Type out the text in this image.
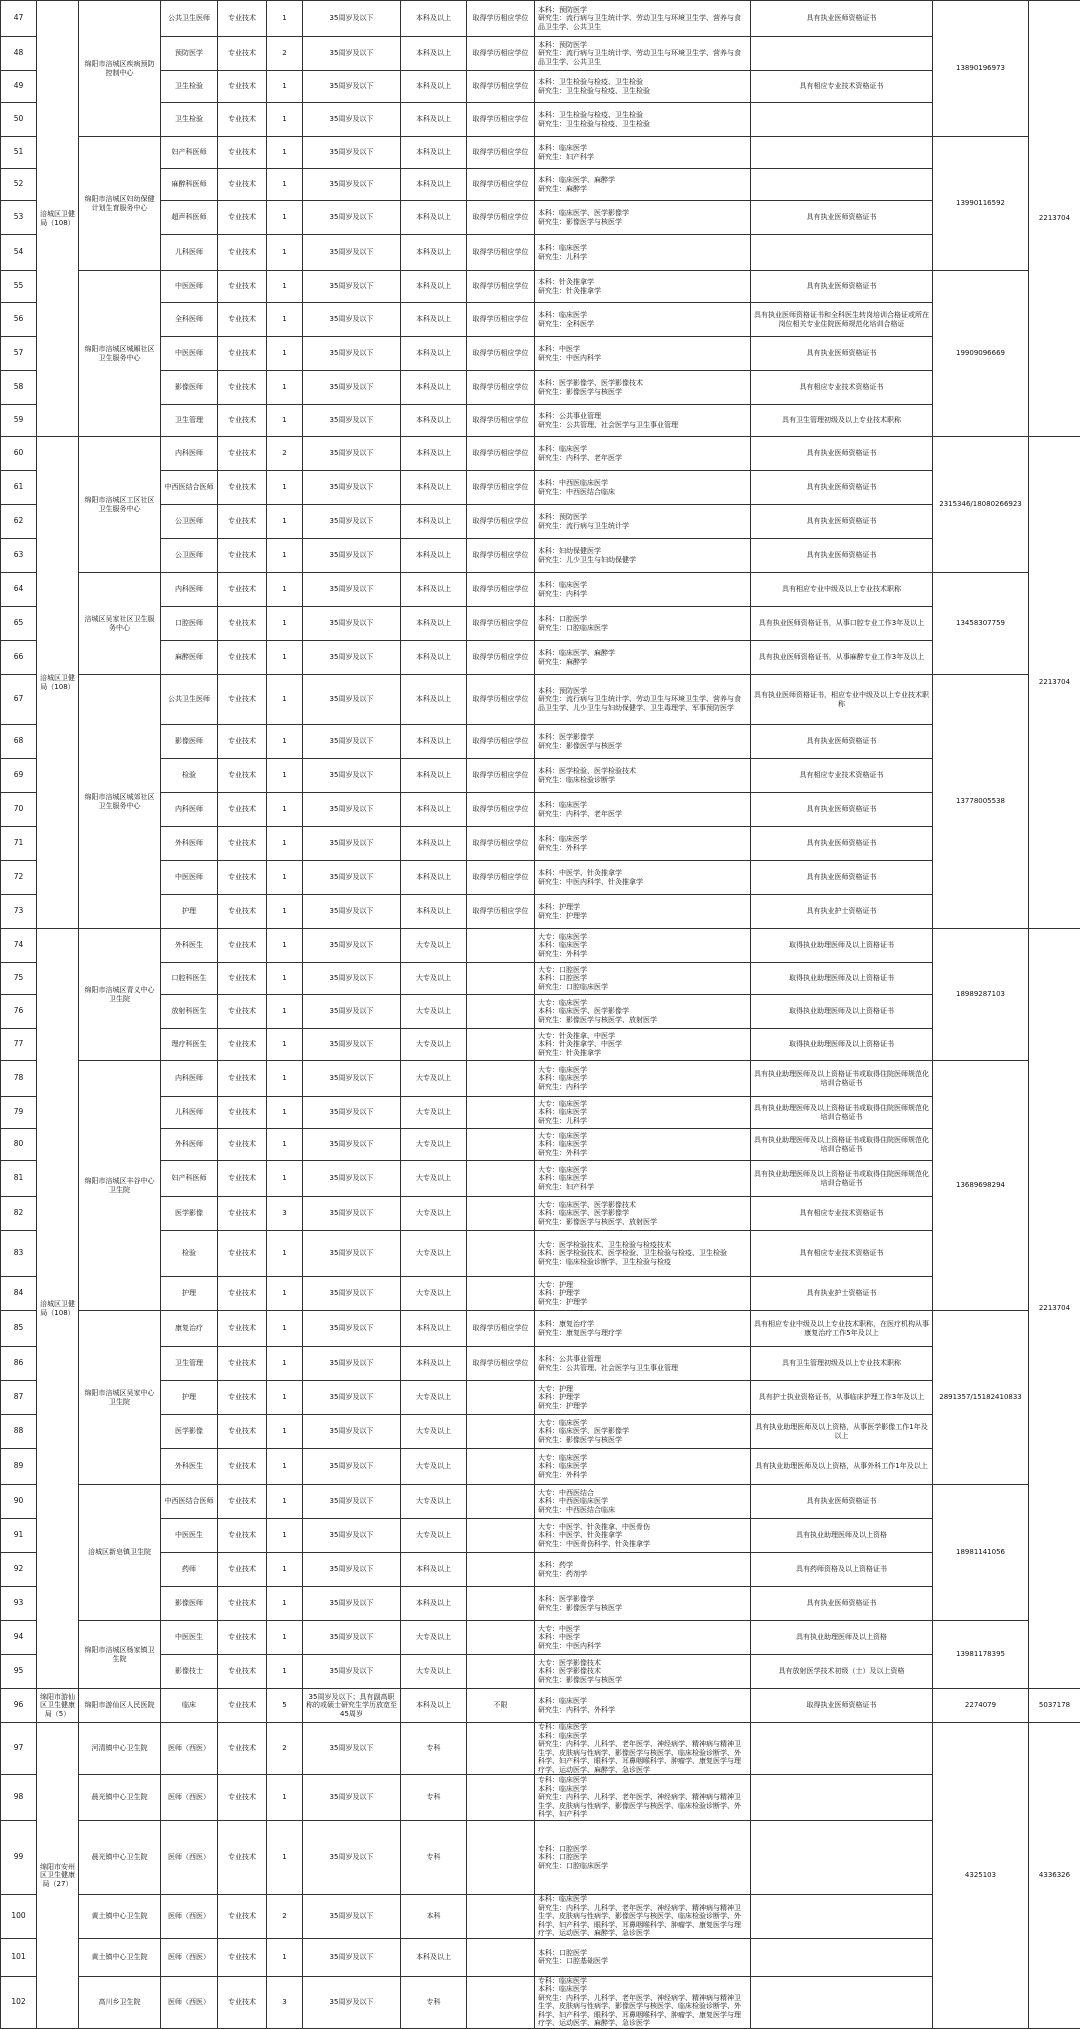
47	涪城区卫健局（108）	绵阳市涪城区疾病预防控制中心	公共卫生医师	专业技术	1	35周岁及以下	本科及以上	取得学历相应学位	本科：预防医学
研究生：流行病与卫生统计学、劳动卫生与环境卫生学、营养与食品卫生学、公共卫生	具有执业医师资格证书	13890196973	2213704
48			预防医学	专业技术	2	35周岁及以下	本科及以上	取得学历相应学位	本科：预防医学
研究生：流行病与卫生统计学、劳动卫生与环境卫生学、营养与食品卫生学、公共卫生			
49			卫生检验	专业技术	1	35周岁及以下	本科及以上	取得学历相应学位	本科：卫生检验与检疫、卫生检验
研究生：卫生检验与检疫、卫生检验	具有相应专业技术资格证书		
50			卫生检验	专业技术	1	35周岁及以下	本科及以上	取得学历相应学位	本科：卫生检验与检疫、卫生检验
研究生：卫生检验与检疫、卫生检验			
51		绵阳市涪城区妇幼保健计划生育服务中心	妇产科医师	专业技术	1	35周岁及以下	本科及以上	取得学历相应学位	本科：临床医学
研究生：妇产科学		13990116592	
52			麻醉科医师	专业技术	1	35周岁及以下	本科及以上	取得学历相应学位	本科：临床医学、麻醉学
研究生：麻醉学			
53			超声科医师	专业技术	1	35周岁及以下	本科及以上	取得学历相应学位	本科：临床医学、医学影像学
研究生：影像医学与核医学	具有执业医师资格证书		
54			儿科医师	专业技术	1	35周岁及以下	本科及以上	取得学历相应学位	本科：临床医学
研究生：儿科学			
55		绵阳市涪城区城厢社区卫生服务中心	中医医师	专业技术	1	35周岁及以下	本科及以上	取得学历相应学位	本科：针灸推拿学
研究生：针灸推拿学	具有执业医师资格证书	19909096669	
56			全科医师	专业技术	1	35周岁及以下	本科及以上	取得学历相应学位	本科：临床医学
研究生：全科医学	具有执业医师资格证书和全科医生转岗培训合格证或所在岗位相关专业住院医师规范化培训合格证		
57			中医医师	专业技术	1	35周岁及以下	本科及以上	取得学历相应学位	本科：中医学
研究生：中医内科学	具有执业医师资格证书		
58			影像医师	专业技术	1	35周岁及以下	本科及以上	取得学历相应学位	本科：医学影像学、医学影像技术
研究生：影像医学与核医学	具有相应专业技术资格证书		
59			卫生管理	专业技术	1	35周岁及以下	本科及以上	取得学历相应学位	本科：公共事业管理
研究生：公共管理、社会医学与卫生事业管理	具有卫生管理初级及以上专业技术职称		
60	涪城区卫健局（108）	绵阳市涪城区工区社区卫生服务中心	内科医师	专业技术	2	35周岁及以下	本科及以上	取得学历相应学位	本科：临床医学
研究生：内科学、老年医学	具有执业医师资格证书	2315346/18080266923	2213704
61			中西医结合医师	专业技术	1	35周岁及以下	本科及以上	取得学历相应学位	本科：中西医临床医学
研究生：中西医结合临床	具有执业医师资格证书		
62			公卫医师	专业技术	1	35周岁及以下	本科及以上	取得学历相应学位	本科：预防医学
研究生：流行病与卫生统计学	具有执业医师资格证书		
63			公卫医师	专业技术	1	35周岁及以下	本科及以上	取得学历相应学位	本科：妇幼保健医学
研究生：儿少卫生与妇幼保健学	具有执业医师资格证书		
64		涪城区吴家社区卫生服务中心	内科医师	专业技术	1	35周岁及以下	本科及以上	取得学历相应学位	本科：临床医学
研究生：内科学	具有相应专业中级及以上专业技术职称	13458307759	
65			口腔医师	专业技术	1	35周岁及以下	本科及以上	取得学历相应学位	本科：口腔医学
研究生：口腔临床医学	具有执业医师资格证书，从事口腔专业工作3年及以上		
66			麻醉医师	专业技术	1	35周岁及以下	本科及以上	取得学历相应学位	本科：临床医学、麻醉学
研究生：麻醉学	具有执业医师资格证书，从事麻醉专业工作3年及以上		
67		绵阳市涪城区城郊社区卫生服务中心	公共卫生医师	专业技术	1	35周岁及以下	本科及以上	取得学历相应学位	本科：预防医学
研究生：流行病与卫生统计学、劳动卫生与环境卫生学、营养与食品卫生学、儿少卫生与妇幼保健学、卫生毒理学、军事预防医学	具有执业医师资格证书，相应专业中级及以上专业技术职称	13778005538	
68			影像医师	专业技术	1	35周岁及以下	本科及以上	取得学历相应学位	本科：医学影像学
研究生：影像医学与核医学	具有执业医师资格证书		
69			检验	专业技术	1	35周岁及以下	本科及以上	取得学历相应学位	本科：医学检验、医学检验技术
研究生：临床检验诊断学	具有相应专业技术资格证书		
70			内科医师	专业技术	1	35周岁及以下	本科及以上	取得学历相应学位	本科：临床医学
研究生：内科学、老年医学	具有执业医师资格证书		
71			外科医师	专业技术	1	35周岁及以下	本科及以上	取得学历相应学位	本科：临床医学
研究生：外科学	具有执业医师资格证书		
72			中医医师	专业技术	1	35周岁及以下	本科及以上	取得学历相应学位	本科：中医学、针灸推拿学
研究生：中医内科学、针灸推拿学	具有执业医师资格证书		
73			护理	专业技术	1	35周岁及以下	本科及以上	取得学历相应学位	本科：护理学
研究生：护理学	具有执业护士资格证书		
74	涪城区卫健局（108）	绵阳市涪城区青义中心卫生院	外科医生	专业技术	1	35周岁及以下	大专及以上		大专：临床医学
本科：临床医学
研究生：外科学	取得执业助理医师及以上资格证书	18989287103	2213704
75			口腔科医生	专业技术	1	35周岁及以下	大专及以上		大专：口腔医学
本科：口腔医学
研究生：口腔临床医学	取得执业助理医师及以上资格证书		
76			放射科医生	专业技术	1	35周岁及以下	大专及以上		大专：临床医学
本科：临床医学、医学影像学
研究生：影像医学与核医学、放射医学	取得执业助理医师及以上资格证书		
77			理疗科医生	专业技术	1	35周岁及以下	大专及以上		大专：针灸推拿、中医学
本科：针灸推拿学、中医学
研究生：针灸推拿学	取得执业助理医师及以上资格证书		
78		绵阳市涪城区丰谷中心卫生院	内科医师	专业技术	1	35周岁及以下	大专及以上		大专：临床医学
本科：临床医学
研究生：内科学	具有执业助理医师及以上资格证书或取得住院医师规范化培训合格证书	13689698294	
79			儿科医师	专业技术	1	35周岁及以下	大专及以上		大专：临床医学
本科：临床医学
研究生：儿科学	具有执业助理医师及以上资格证书或取得住院医师规范化培训合格证书		
80			外科医师	专业技术	1	35周岁及以下	大专及以上		大专：临床医学
本科：临床医学
研究生：外科学	具有执业助理医师及以上资格证书或取得住院医师规范化培训合格证书		
81			妇产科医师	专业技术	1	35周岁及以下	大专及以上		大专：临床医学
本科：临床医学
研究生：妇产科学	具有执业助理医师及以上资格证书或取得住院医师规范化培训合格证书		
82			医学影像	专业技术	3	35周岁及以下	大专及以上		大专：临床医学、医学影像技术
本科：临床医学、医学影像学
研究生：影像医学与核医学、放射医学	具有相应专业技术资格证书		
83			检验	专业技术	1	35周岁及以下	大专及以上		大专：医学检验技术、卫生检验与检疫技术
本科：医学检验技术、医学检验、卫生检验与检疫、卫生检验
研究生：临床检验诊断学、卫生检验与检疫	具有相应专业技术资格证书		
84			护理	专业技术	1	35周岁及以下	大专及以上		大专：护理
本科：护理学
研究生：护理学	具有执业护士资格证书		
85		绵阳市涪城区吴家中心卫生院	康复治疗	专业技术	1	35周岁及以下	本科及以上	取得学历相应学位	本科：康复治疗学
研究生：康复医学与理疗学	具有相应专业中级及以上专业技术职称，在医疗机构从事康复治疗工作5年及以上	2891357/15182410833	
86			卫生管理	专业技术	1	35周岁及以下	本科及以上	取得学历相应学位	本科：公共事业管理
研究生：公共管理、社会医学与卫生事业管理	具有卫生管理初级及以上专业技术职称		
87			护理	专业技术	1	35周岁及以下	大专及以上		大专：护理
本科：护理学
研究生：护理学	具有护士执业资格证书，从事临床护理工作3年及以上		
88			医学影像	专业技术	1	35周岁及以下	大专及以上		大专：临床医学
本科：临床医学、医学影像学
研究生：影像医学与核医学	具有执业助理医师及以上资格，从事医学影像工作1年及以上		
89			外科医生	专业技术	1	35周岁及以下	大专及以上		大专：临床医学
本科：临床医学
研究生：外科学	具有执业助理医师及以上资格，从事外科工作1年及以上		
90		涪城区新皂镇卫生院	中西医结合医师	专业技术	1	35周岁及以下	大专及以上		大专：中西医结合
本科：中西医临床医学
研究生：中西医结合临床	具有执业医师资格证书	18981141056	
91			中医医生	专业技术	1	35周岁及以下	大专及以上		大专：中医学、针灸推拿、中医骨伤
本科：中医学、针灸推拿学
研究生：中医骨伤科学、针灸推拿学	具有执业助理医师及以上资格		
92			药师	专业技术	1	35周岁及以下	本科及以上		本科：药学
研究生：药剂学	具有药师资格及以上资格证书		
93			影像医师	专业技术	1	35周岁及以下	本科及以上		本科：医学影像学
研究生：影像医学与核医学	具有执业医师资格证书		
94		绵阳市涪城区杨家镇卫生院	中医医生	专业技术	1	35周岁及以下	大专及以上		大专：中医学
本科：中医学
研究生：中医内科学	具有执业助理医师及以上资格	13981178395	
95			影像技士	专业技术	1	35周岁及以下	大专及以上		大专：医学影像技术
本科：医学影像技术
研究生：影像医学与核医学	具有放射医学技术初级（士）及以上资格		
96	绵阳市游仙区卫生健康局（5）	绵阳市游仙区人民医院	临床	专业技术	5	35周岁及以下；具有副高职称的或硕士研究生学历放宽至45周岁	本科及以上	不限	本科：临床医学
研究生：内科学、外科学	取得执业医师资格证书	2274079	5037178
97	绵阳市安州区卫生健康局（27）	河清镇中心卫生院	医师（西医）	专业技术	2	35周岁及以下	专科		专科：临床医学
本科：临床医学
研究生：内科学、儿科学、老年医学、神经病学、精神病与精神卫生学、皮肤病与性病学、影像医学与核医学、临床检验诊断学、外科学、妇产科学、眼科学、耳鼻咽喉科学、肿瘤学、康复医学与理疗学、运动医学、麻醉学、急诊医学		4325103	4336326
98		晨光镇中心卫生院	医师（西医）	专业技术	1	35周岁及以下	专科		专科：临床医学
本科：临床医学
研究生：内科学、儿科学、老年医学、神经病学、精神病与精神卫生学、皮肤病与性病学、影像医学与核医学、临床检验诊断学、外科学、妇产科学			
99		晨光镇中心卫生院	医师（西医）	专业技术	1	35周岁及以下	专科		专科：口腔医学
本科：口腔医学
研究生：口腔临床医学			
100		黄土镇中心卫生院	医师（西医）	专业技术	2	35周岁及以下	本科		本科：临床医学
研究生：内科学、儿科学、老年医学、神经病学、精神病与精神卫生学、皮肤病与性病学、影像医学与核医学、临床检验诊断学、外科学、妇产科学、眼科学、耳鼻咽喉科学、肿瘤学、康复医学与理疗学、运动医学、麻醉学、急诊医学			
101		黄土镇中心卫生院	医师（西医）	专业技术	1	35周岁及以下	本科及以上		本科：口腔医学
研究生：口腔基础医学			
102		高川乡卫生院	医师（西医）	专业技术	3	35周岁及以下	专科		专科：临床医学
本科：临床医学
研究生：内科学、儿科学、老年医学、神经病学、精神病与精神卫生学、皮肤病与性病学、影像医学与核医学、临床检验诊断学、外科学、妇产科学、眼科学、耳鼻咽喉科学、肿瘤学、康复医学与理疗学、运动医学、麻醉学、急诊医学			
